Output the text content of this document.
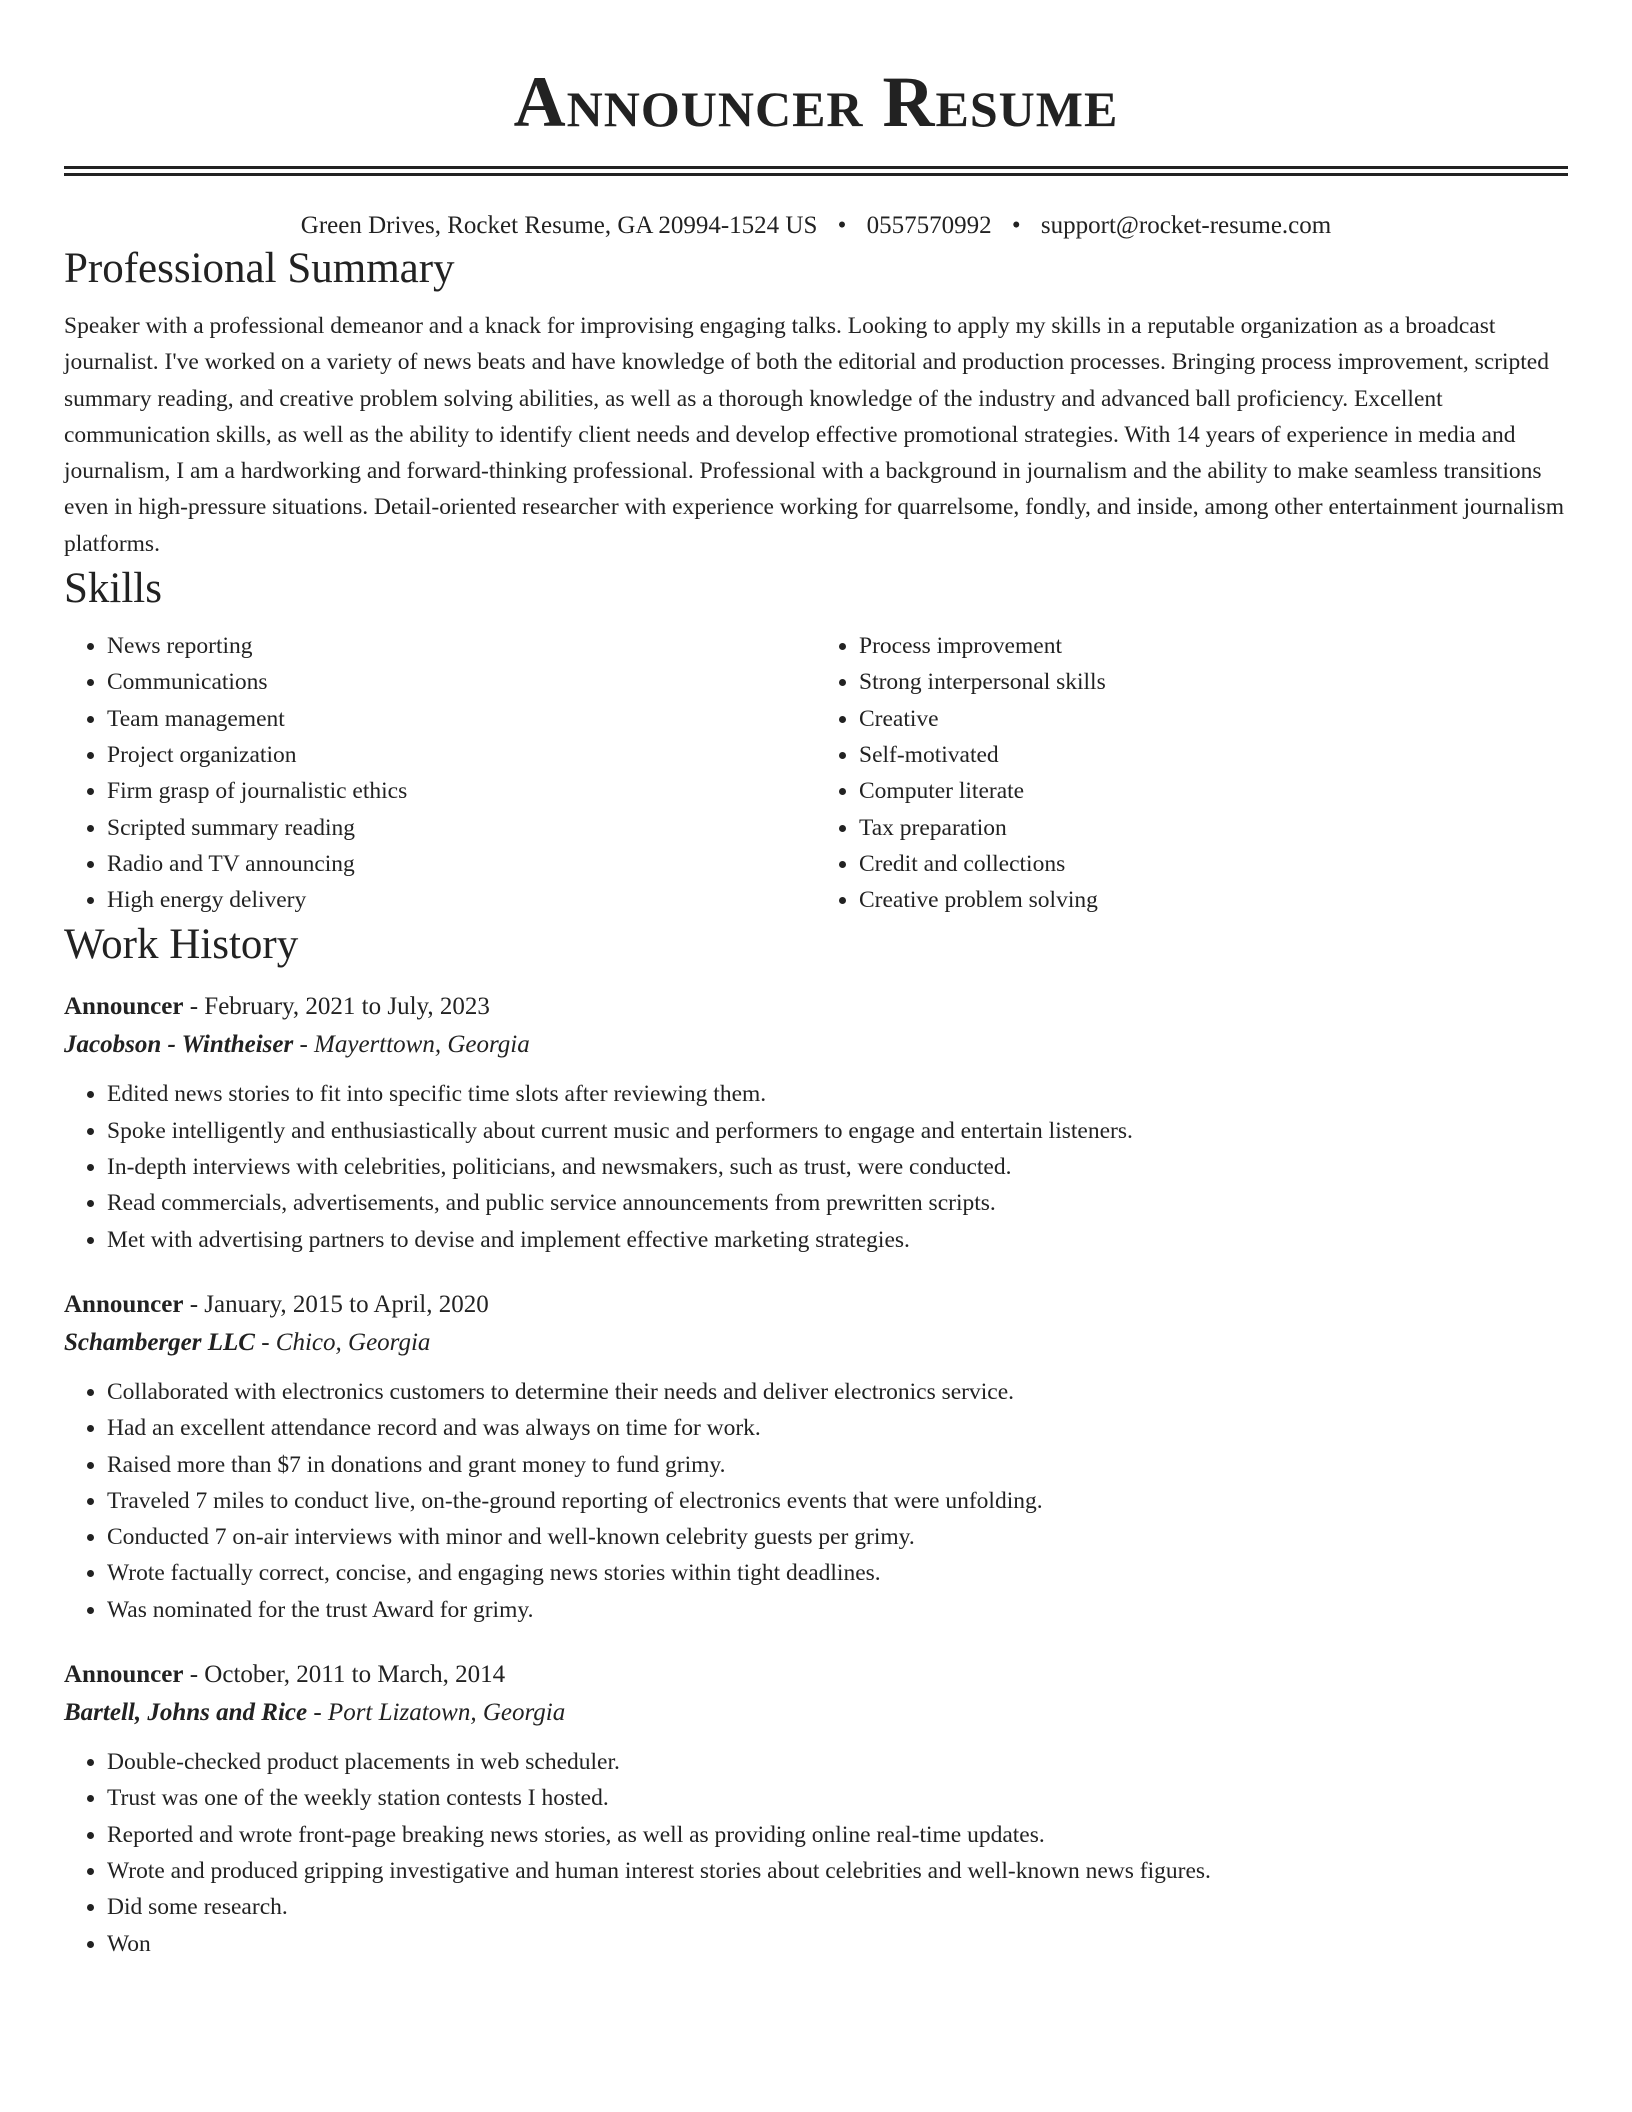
Announcer Resume
Green Drives, Rocket Resume, GA 20994-1524 US • 0557570992 • support@rocket-resume.com
Professional Summary

Speaker with a professional demeanor and a knack for improvising engaging talks. Looking to apply my skills in a reputable organization as a broadcast journalist. I've worked on a variety of news beats and have knowledge of both the editorial and production processes. Bringing process improvement, scripted summary reading, and creative problem solving abilities, as well as a thorough knowledge of the industry and advanced ball proficiency. Excellent communication skills, as well as the ability to identify client needs and develop effective promotional strategies. With 14 years of experience in media and journalism, I am a hardworking and forward-thinking professional. Professional with a background in journalism and the ability to make seamless transitions even in high-pressure situations. Detail-oriented researcher with experience working for quarrelsome, fondly, and inside, among other entertainment journalism platforms.

Skills
• News reporting
• Communications
• Team management
• Project organization
• Firm grasp of journalistic ethics
• Scripted summary reading
• Radio and TV announcing
• High energy delivery
• Process improvement
• Strong interpersonal skills
• Creative
• Self-motivated
• Computer literate
• Tax preparation
• Credit and collections
• Creative problem solving
Work History
Announcer - February, 2021 to July, 2023
Jacobson - Wintheiser - Mayerttown, Georgia
• Edited news stories to fit into specific time slots after reviewing them.
• Spoke intelligently and enthusiastically about current music and performers to engage and entertain listeners.
• In-depth interviews with celebrities, politicians, and newsmakers, such as trust, were conducted.
• Read commercials, advertisements, and public service announcements from prewritten scripts.
• Met with advertising partners to devise and implement effective marketing strategies.
Announcer - January, 2015 to April, 2020
Schamberger LLC - Chico, Georgia
• Collaborated with electronics customers to determine their needs and deliver electronics service.
• Had an excellent attendance record and was always on time for work.
• Raised more than $7 in donations and grant money to fund grimy.
• Traveled 7 miles to conduct live, on-the-ground reporting of electronics events that were unfolding.
• Conducted 7 on-air interviews with minor and well-known celebrity guests per grimy.
• Wrote factually correct, concise, and engaging news stories within tight deadlines.
• Was nominated for the trust Award for grimy.
Announcer - October, 2011 to March, 2014
Bartell, Johns and Rice - Port Lizatown, Georgia
• Double-checked product placements in web scheduler.
• Trust was one of the weekly station contests I hosted.
• Reported and wrote front-page breaking news stories, as well as providing online real-time updates.
• Wrote and produced gripping investigative and human interest stories about celebrities and well-known news figures.
• Did some research.
• Won
